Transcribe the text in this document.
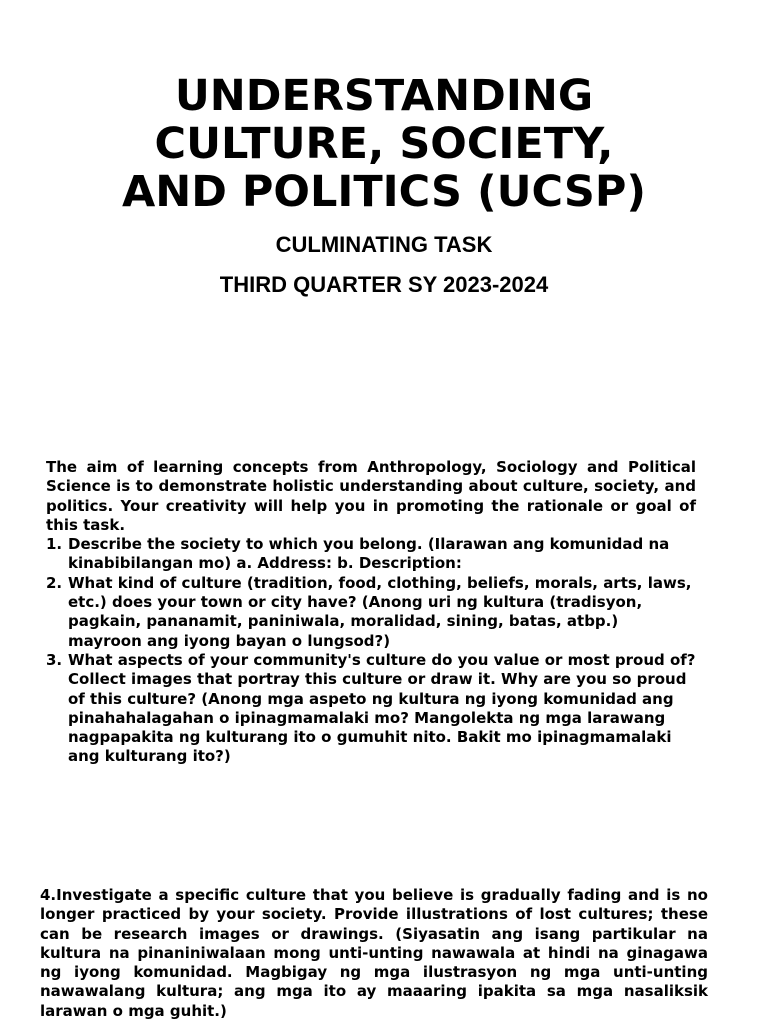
UNDERSTANDING
CULTURE, SOCIETY,
AND POLITICS (UCSP)
CULMINATING TASK
THIRD QUARTER SY 2023-2024

The aim of learning concepts from Anthropology, Sociology and Political Science is to demonstrate holistic understanding about culture, society, and politics. Your creativity will help you in promoting the rationale or goal of this task.

1. Describe the society to which you belong. (Ilarawan ang komunidad na kinabibilangan mo) a. Address: b. Description:
2. What kind of culture (tradition, food, clothing, beliefs, morals, arts, laws, etc.) does your town or city have? (Anong uri ng kultura (tradisyon, pagkain, pananamit, paniniwala, moralidad, sining, batas, atbp.) mayroon ang iyong bayan o lungsod?)
3. What aspects of your community's culture do you value or most proud of? Collect images that portray this culture or draw it. Why are you so proud of this culture? (Anong mga aspeto ng kultura ng iyong komunidad ang pinahahalagahan o ipinagmamalaki mo? Mangolekta ng mga larawang nagpapakita ng kulturang ito o gumuhit nito. Bakit mo ipinagmamalaki ang kulturang ito?)

4.Investigate a specific culture that you believe is gradually fading and is no longer practiced by your society. Provide illustrations of lost cultures; these can be research images or drawings. (Siyasatin ang isang partikular na kultura na pinaniniwalaan mong unti-unting nawawala at hindi na ginagawa ng iyong komunidad. Magbigay ng mga ilustrasyon ng mga unti-unting nawawalang kultura; ang mga ito ay maaaring ipakita sa mga nasaliksik larawan o mga guhit.)
